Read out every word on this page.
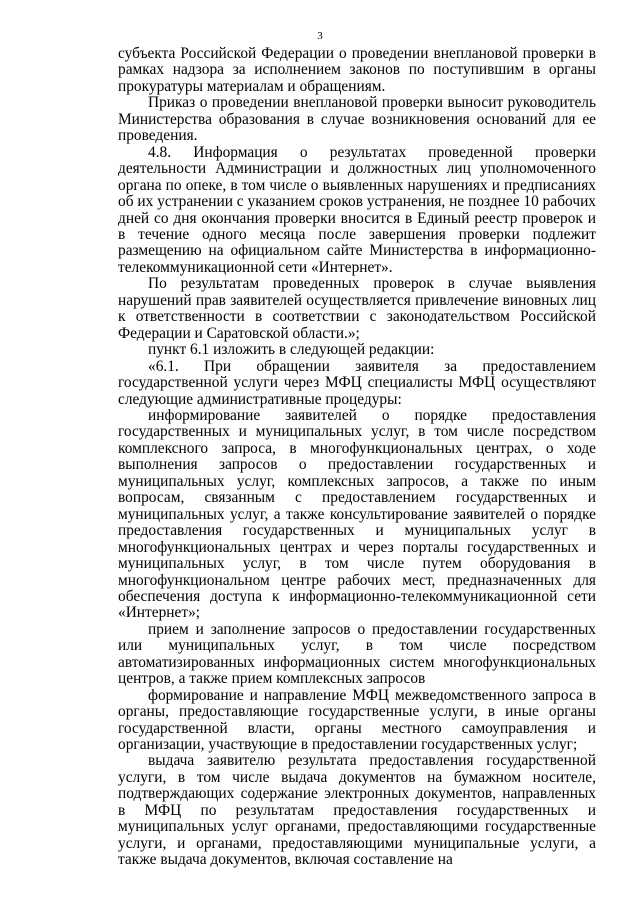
3

субъекта Российской Федерации о проведении внеплановой проверки в рамках надзора за исполнением законов по поступившим в органы прокуратуры материалам и обращениям.

Приказ о проведении внеплановой проверки выносит руководитель Министерства образования в случае возникновения оснований для ее проведения.

4.8. Информация о результатах проведенной проверки деятельности Администрации и должностных лиц уполномоченного органа по опеке, в том числе о выявленных нарушениях и предписаниях об их устранении с указанием сроков устранения, не позднее 10 рабочих дней со дня окончания проверки вносится в Единый реестр проверок и в течение одного месяца после завершения проверки подлежит размещению на официальном сайте Министерства в информационно-телекоммуникационной сети «Интернет».

По результатам проведенных проверок в случае выявления нарушений прав заявителей осуществляется привлечение виновных лиц к ответственности в соответствии с законодательством Российской Федерации и Саратовской области.»;

пункт 6.1 изложить в следующей редакции:

«6.1. При обращении заявителя за предоставлением государственной услуги через МФЦ специалисты МФЦ осуществляют следующие административные процедуры:

информирование заявителей о порядке предоставления государственных и муниципальных услуг, в том числе посредством комплексного запроса, в многофункциональных центрах, о ходе выполнения запросов о предоставлении государственных и муниципальных услуг, комплексных запросов, а также по иным вопросам, связанным с предоставлением государственных и муниципальных услуг, а также консультирование заявителей о порядке предоставления государственных и муниципальных услуг в многофункциональных центрах и через порталы государственных и муниципальных услуг, в том числе путем оборудования в многофункциональном центре рабочих мест, предназначенных для обеспечения доступа к информационно-телекоммуникационной сети «Интернет»;

прием и заполнение запросов о предоставлении государственных или муниципальных услуг, в том числе посредством автоматизированных информационных систем многофункциональных центров, а также прием комплексных запросов

формирование и направление МФЦ межведомственного запроса в органы, предоставляющие государственные услуги, в иные органы государственной власти, органы местного самоуправления и организации, участвующие в предоставлении государственных услуг;

выдача заявителю результата предоставления государственной услуги, в том числе выдача документов на бумажном носителе, подтверждающих содержание электронных документов, направленных в МФЦ по результатам предоставления государственных и муниципальных услуг органами, предоставляющими государственные услуги, и органами, предоставляющими муниципальные услуги, а также выдача документов, включая составление на
